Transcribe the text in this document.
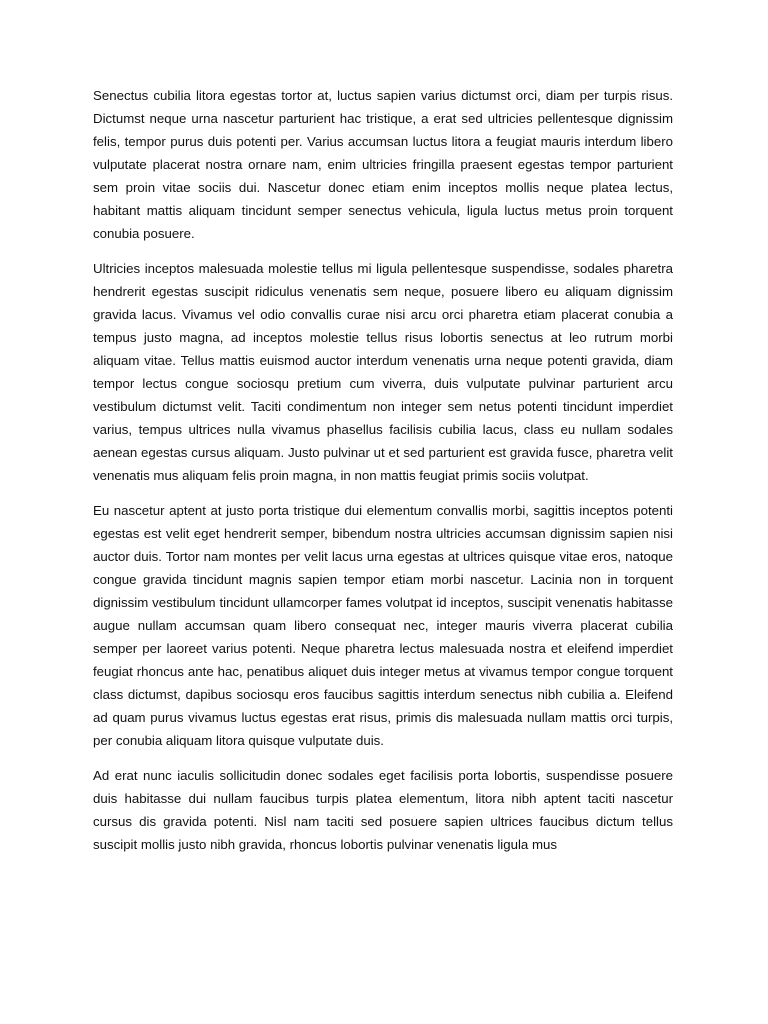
Senectus cubilia litora egestas tortor at, luctus sapien varius dictumst orci, diam per turpis risus. Dictumst neque urna nascetur parturient hac tristique, a erat sed ultricies pellentesque dignissim felis, tempor purus duis potenti per. Varius accumsan luctus litora a feugiat mauris interdum libero vulputate placerat nostra ornare nam, enim ultricies fringilla praesent egestas tempor parturient sem proin vitae sociis dui. Nascetur donec etiam enim inceptos mollis neque platea lectus, habitant mattis aliquam tincidunt semper senectus vehicula, ligula luctus metus proin torquent conubia posuere.

Ultricies inceptos malesuada molestie tellus mi ligula pellentesque suspendisse, sodales pharetra hendrerit egestas suscipit ridiculus venenatis sem neque, posuere libero eu aliquam dignissim gravida lacus. Vivamus vel odio convallis curae nisi arcu orci pharetra etiam placerat conubia a tempus justo magna, ad inceptos molestie tellus risus lobortis senectus at leo rutrum morbi aliquam vitae. Tellus mattis euismod auctor interdum venenatis urna neque potenti gravida, diam tempor lectus congue sociosqu pretium cum viverra, duis vulputate pulvinar parturient arcu vestibulum dictumst velit. Taciti condimentum non integer sem netus potenti tincidunt imperdiet varius, tempus ultrices nulla vivamus phasellus facilisis cubilia lacus, class eu nullam sodales aenean egestas cursus aliquam. Justo pulvinar ut et sed parturient est gravida fusce, pharetra velit venenatis mus aliquam felis proin magna, in non mattis feugiat primis sociis volutpat.

Eu nascetur aptent at justo porta tristique dui elementum convallis morbi, sagittis inceptos potenti egestas est velit eget hendrerit semper, bibendum nostra ultricies accumsan dignissim sapien nisi auctor duis. Tortor nam montes per velit lacus urna egestas at ultrices quisque vitae eros, natoque congue gravida tincidunt magnis sapien tempor etiam morbi nascetur. Lacinia non in torquent dignissim vestibulum tincidunt ullamcorper fames volutpat id inceptos, suscipit venenatis habitasse augue nullam accumsan quam libero consequat nec, integer mauris viverra placerat cubilia semper per laoreet varius potenti. Neque pharetra lectus malesuada nostra et eleifend imperdiet feugiat rhoncus ante hac, penatibus aliquet duis integer metus at vivamus tempor congue torquent class dictumst, dapibus sociosqu eros faucibus sagittis interdum senectus nibh cubilia a. Eleifend ad quam purus vivamus luctus egestas erat risus, primis dis malesuada nullam mattis orci turpis, per conubia aliquam litora quisque vulputate duis.

Ad erat nunc iaculis sollicitudin donec sodales eget facilisis porta lobortis, suspendisse posuere duis habitasse dui nullam faucibus turpis platea elementum, litora nibh aptent taciti nascetur cursus dis gravida potenti. Nisl nam taciti sed posuere sapien ultrices faucibus dictum tellus suscipit mollis justo nibh gravida, rhoncus lobortis pulvinar venenatis ligula mus
